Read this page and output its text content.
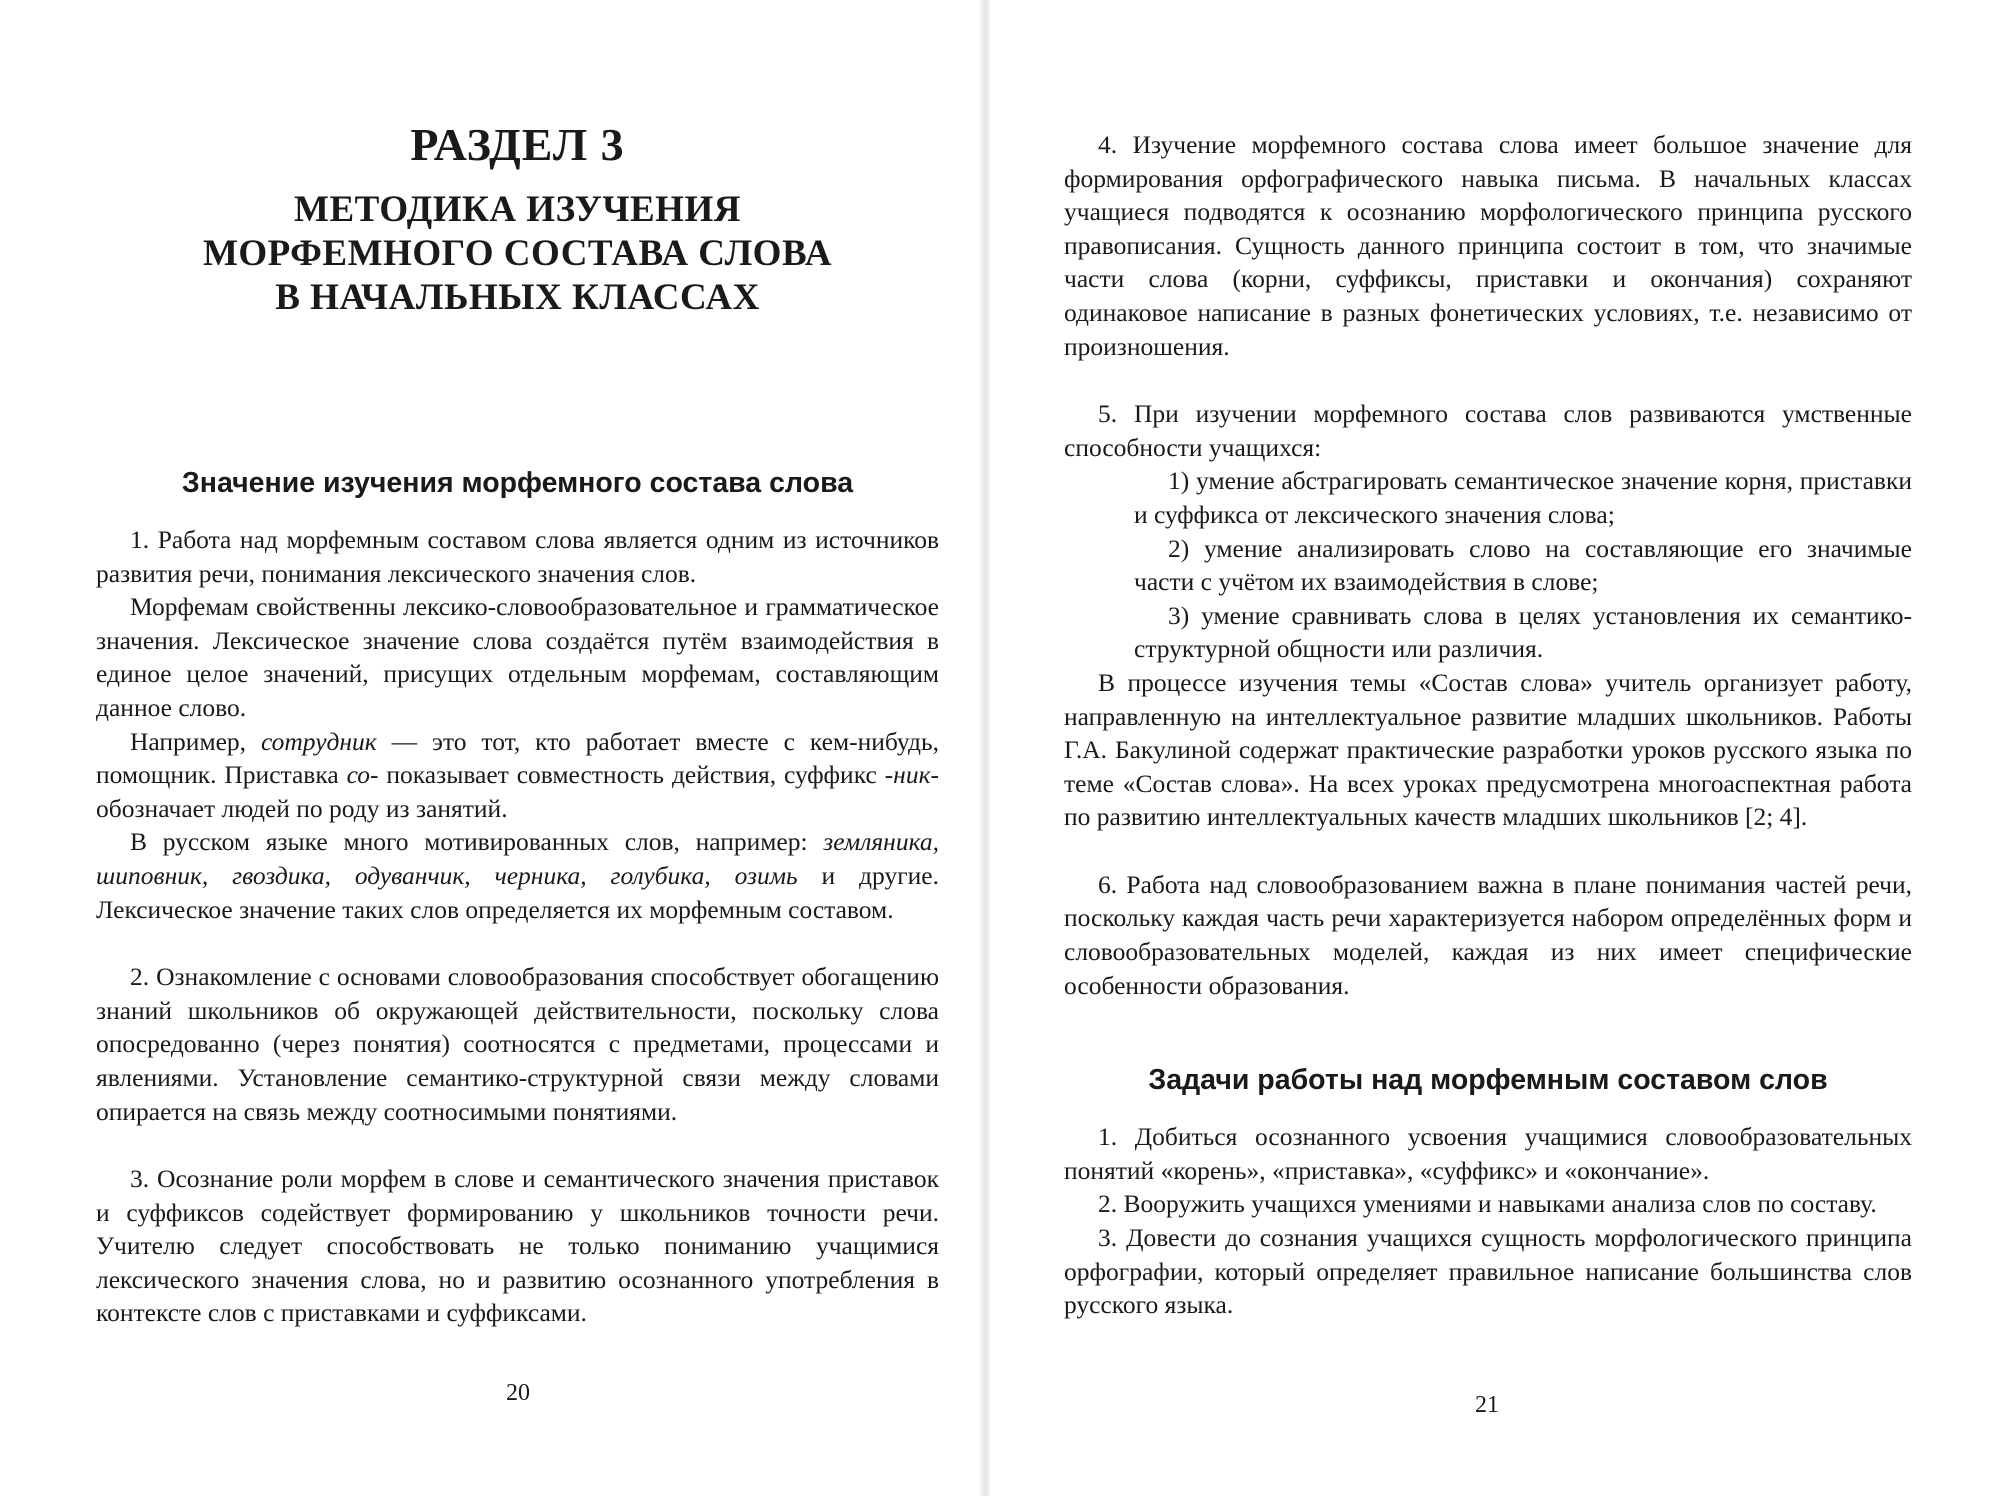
РАЗДЕЛ 3
МЕТОДИКА ИЗУЧЕНИЯ
МОРФЕМНОГО СОСТАВА СЛОВА
В НАЧАЛЬНЫХ КЛАССАХ
Значение изучения морфемного состава слова

1. Работа над морфемным составом слова является одним из источников развития речи, понимания лексического значения слов.

Морфемам свойственны лексико-словообразовательное и грамматическое значения. Лексическое значение слова создаётся путём взаимодействия в единое целое значений, присущих отдельным морфемам, составляющим данное слово.

Например, сотрудник — это тот, кто работает вместе с кем-нибудь, помощник. Приставка со- показывает совместность действия, суффикс -ник- обозначает людей по роду из занятий.

В русском языке много мотивированных слов, например: земляника, шиповник, гвоздика, одуванчик, черника, голубика, озимь и другие. Лексическое значение таких слов определяется их морфемным составом.

2. Ознакомление с основами словообразования способствует обогащению знаний школьников об окружающей действительности, поскольку слова опосредованно (через понятия) соотносятся с предметами, процессами и явлениями. Установление семантико-структурной связи между словами опирается на связь между соотносимыми понятиями.

3. Осознание роли морфем в слове и семантического значения приставок и суффиксов содействует формированию у школьников точности речи. Учителю следует способствовать не только пониманию учащимися лексического значения слова, но и развитию осознанного употребления в контексте слов с приставками и суффиксами.

20

4. Изучение морфемного состава слова имеет большое значение для формирования орфографического навыка письма. В начальных классах учащиеся подводятся к осознанию морфологического принципа русского правописания. Сущность данного принципа состоит в том, что значимые части слова (корни, суффиксы, приставки и окончания) сохраняют одинаковое написание в разных фонетических условиях, т.е. независимо от произношения.

5. При изучении морфемного состава слов развиваются умственные способности учащихся:

1) умение абстрагировать семантическое значение корня, приставки и суффикса от лексического значения слова;

2) умение анализировать слово на составляющие его значимые части с учётом их взаимодействия в слове;

3) умение сравнивать слова в целях установления их семантико-структурной общности или различия.

В процессе изучения темы «Состав слова» учитель организует работу, направленную на интеллектуальное развитие младших школьников. Работы Г.А. Бакулиной содержат практические разработки уроков русского языка по теме «Состав слова». На всех уроках предусмотрена многоаспектная работа по развитию интеллектуальных качеств младших школьников [2; 4].

6. Работа над словообразованием важна в плане понимания частей речи, поскольку каждая часть речи характеризуется набором определённых форм и словообразовательных моделей, каждая из них имеет специфические особенности образования.

Задачи работы над морфемным составом слов

1. Добиться осознанного усвоения учащимися словообразовательных понятий «корень», «приставка», «суффикс» и «окончание».

2. Вооружить учащихся умениями и навыками анализа слов по составу.

3. Довести до сознания учащихся сущность морфологического принципа орфографии, который определяет правильное написание большинства слов русского языка.

21
